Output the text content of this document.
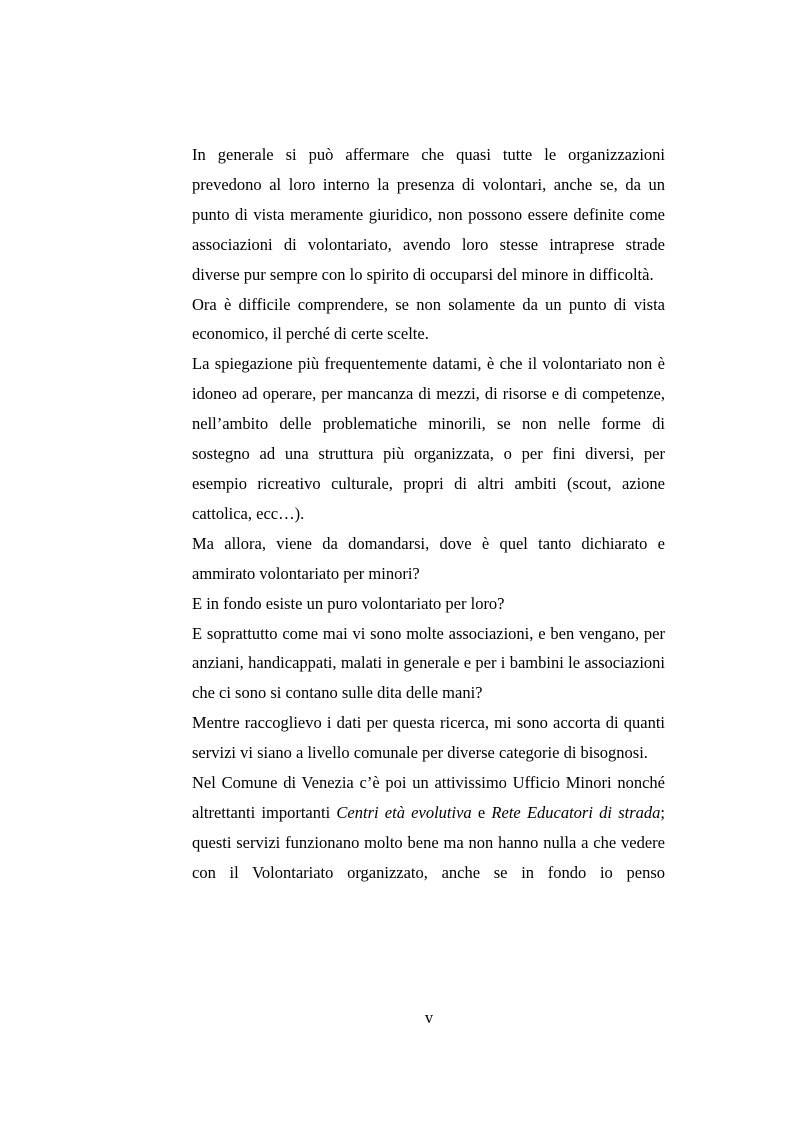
In generale si può affermare che quasi tutte le organizzazioni prevedono al loro interno la presenza di volontari, anche se, da un punto di vista meramente giuridico, non possono essere definite come associazioni di volontariato, avendo loro stesse intraprese strade diverse pur sempre con lo spirito di occuparsi del minore in difficoltà.

Ora è difficile comprendere, se non solamente da un punto di vista economico, il perché di certe scelte.

La spiegazione più frequentemente datami, è che il volontariato non è idoneo ad operare, per mancanza di mezzi, di risorse e di competenze, nell’ambito delle problematiche minorili, se non nelle forme di sostegno ad una struttura più organizzata, o per fini diversi, per esempio ricreativo culturale, propri di altri ambiti (scout, azione cattolica, ecc…).

Ma allora, viene da domandarsi, dove è quel tanto dichiarato e ammirato volontariato per minori?

E in fondo esiste un puro volontariato per loro?

E soprattutto come mai vi sono molte associazioni, e ben vengano, per anziani, handicappati, malati in generale e per i bambini le associazioni che ci sono si contano sulle dita delle mani?

Mentre raccoglievo i dati per questa ricerca, mi sono accorta di quanti servizi vi siano a livello comunale per diverse categorie di bisognosi.

Nel Comune di Venezia c’è poi un attivissimo Ufficio Minori nonché altrettanti importanti Centri età evolutiva e Rete Educatori di strada; questi servizi funzionano molto bene ma non hanno nulla a che vedere con il Volontariato organizzato, anche se in fondo io penso

v
